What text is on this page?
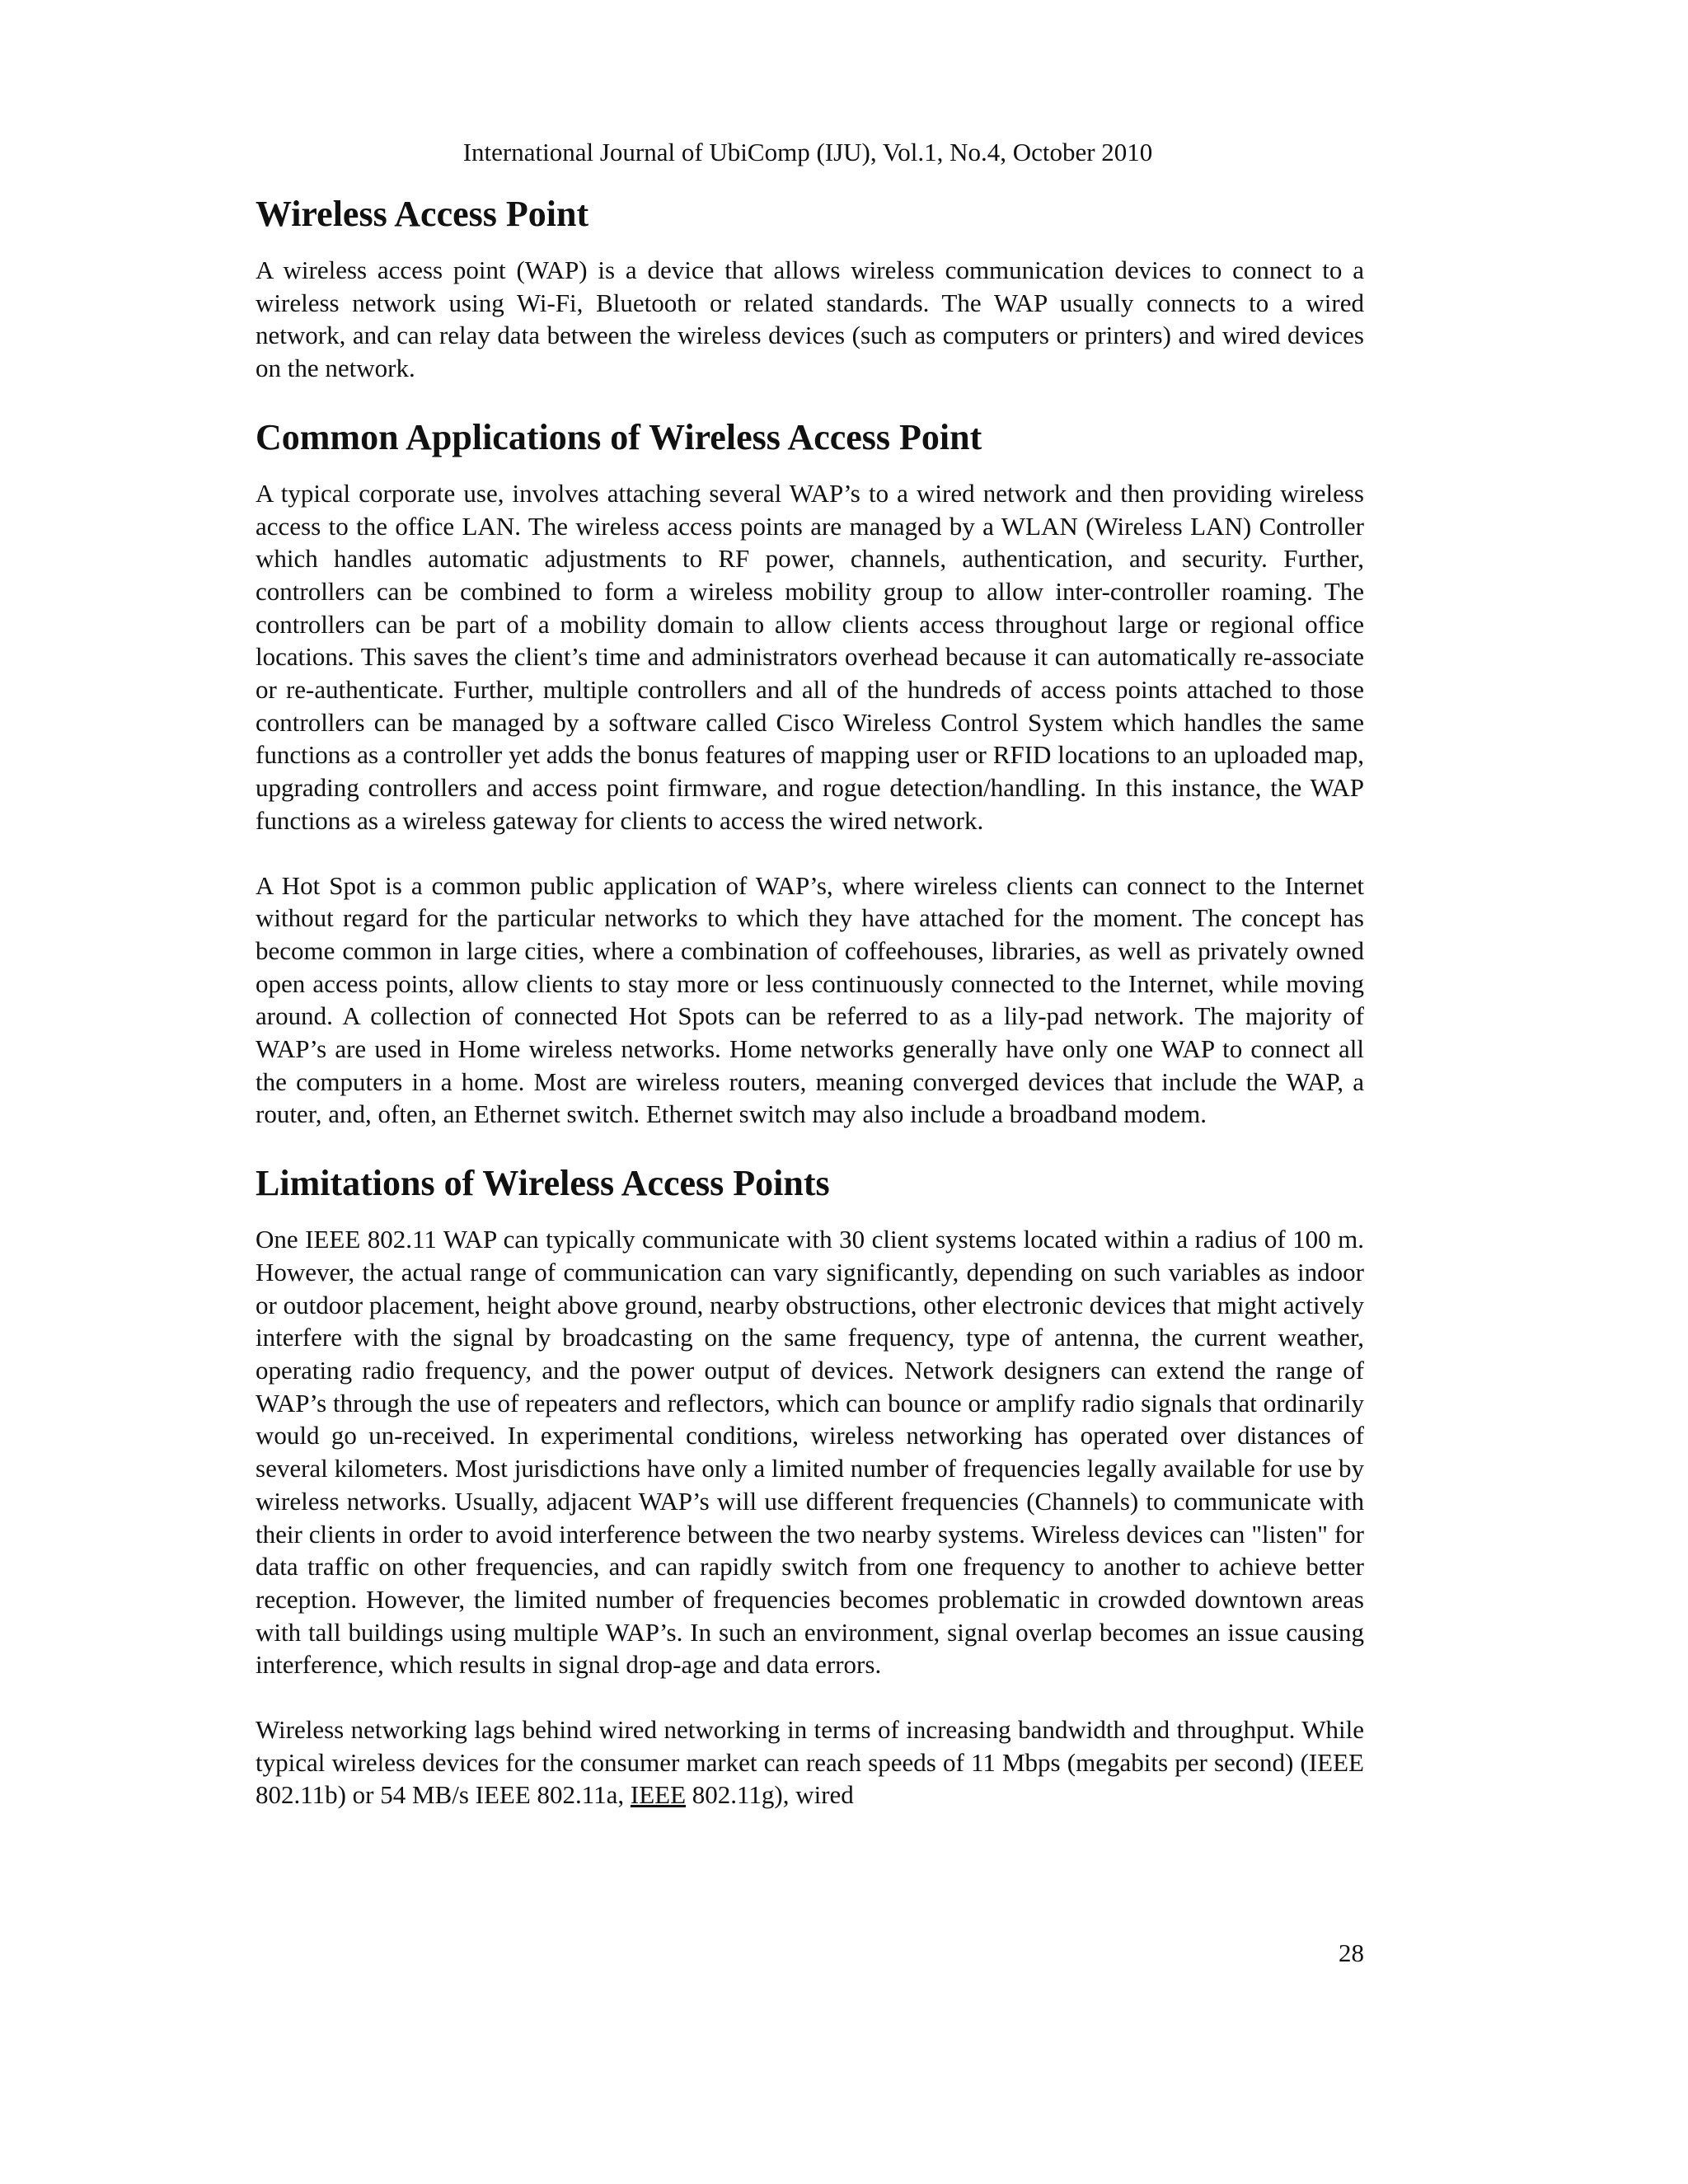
International Journal of UbiComp (IJU), Vol.1, No.4, October 2010
Wireless Access Point

A wireless access point (WAP) is a device that allows wireless communication devices to connect to a wireless network using Wi-Fi, Bluetooth or related standards. The WAP usually connects to a wired network, and can relay data between the wireless devices (such as computers or printers) and wired devices on the network.

Common Applications of Wireless Access Point

A typical corporate use, involves attaching several WAP’s to a wired network and then providing wireless access to the office LAN. The wireless access points are managed by a WLAN (Wireless LAN) Controller which handles automatic adjustments to RF power, channels, authentication, and security. Further, controllers can be combined to form a wireless mobility group to allow inter-controller roaming. The controllers can be part of a mobility domain to allow clients access throughout large or regional office locations. This saves the client’s time and administrators overhead because it can automatically re-associate or re-authenticate. Further, multiple controllers and all of the hundreds of access points attached to those controllers can be managed by a software called Cisco Wireless Control System which handles the same functions as a controller yet adds the bonus features of mapping user or RFID locations to an uploaded map, upgrading controllers and access point firmware, and rogue detection/handling. In this instance, the WAP functions as a wireless gateway for clients to access the wired network.

A Hot Spot is a common public application of WAP’s, where wireless clients can connect to the Internet without regard for the particular networks to which they have attached for the moment. The concept has become common in large cities, where a combination of coffeehouses, libraries, as well as privately owned open access points, allow clients to stay more or less continuously connected to the Internet, while moving around. A collection of connected Hot Spots can be referred to as a lily-pad network. The majority of WAP’s are used in Home wireless networks. Home networks generally have only one WAP to connect all the computers in a home. Most are wireless routers, meaning converged devices that include the WAP, a router, and, often, an Ethernet switch. Ethernet switch may also include a broadband modem.

Limitations of Wireless Access Points

One IEEE 802.11 WAP can typically communicate with 30 client systems located within a radius of 100 m. However, the actual range of communication can vary significantly, depending on such variables as indoor or outdoor placement, height above ground, nearby obstructions, other electronic devices that might actively interfere with the signal by broadcasting on the same frequency, type of antenna, the current weather, operating radio frequency, and the power output of devices. Network designers can extend the range of WAP’s through the use of repeaters and reflectors, which can bounce or amplify radio signals that ordinarily would go un-received. In experimental conditions, wireless networking has operated over distances of several kilometers. Most jurisdictions have only a limited number of frequencies legally available for use by wireless networks. Usually, adjacent WAP’s will use different frequencies (Channels) to communicate with their clients in order to avoid interference between the two nearby systems. Wireless devices can "listen" for data traffic on other frequencies, and can rapidly switch from one frequency to another to achieve better reception. However, the limited number of frequencies becomes problematic in crowded downtown areas with tall buildings using multiple WAP’s. In such an environment, signal overlap becomes an issue causing interference, which results in signal drop-age and data errors.

Wireless networking lags behind wired networking in terms of increasing bandwidth and throughput. While typical wireless devices for the consumer market can reach speeds of 11 Mbps (megabits per second) (IEEE 802.11b) or 54 MB/s IEEE 802.11a, IEEE 802.11g), wired

28
